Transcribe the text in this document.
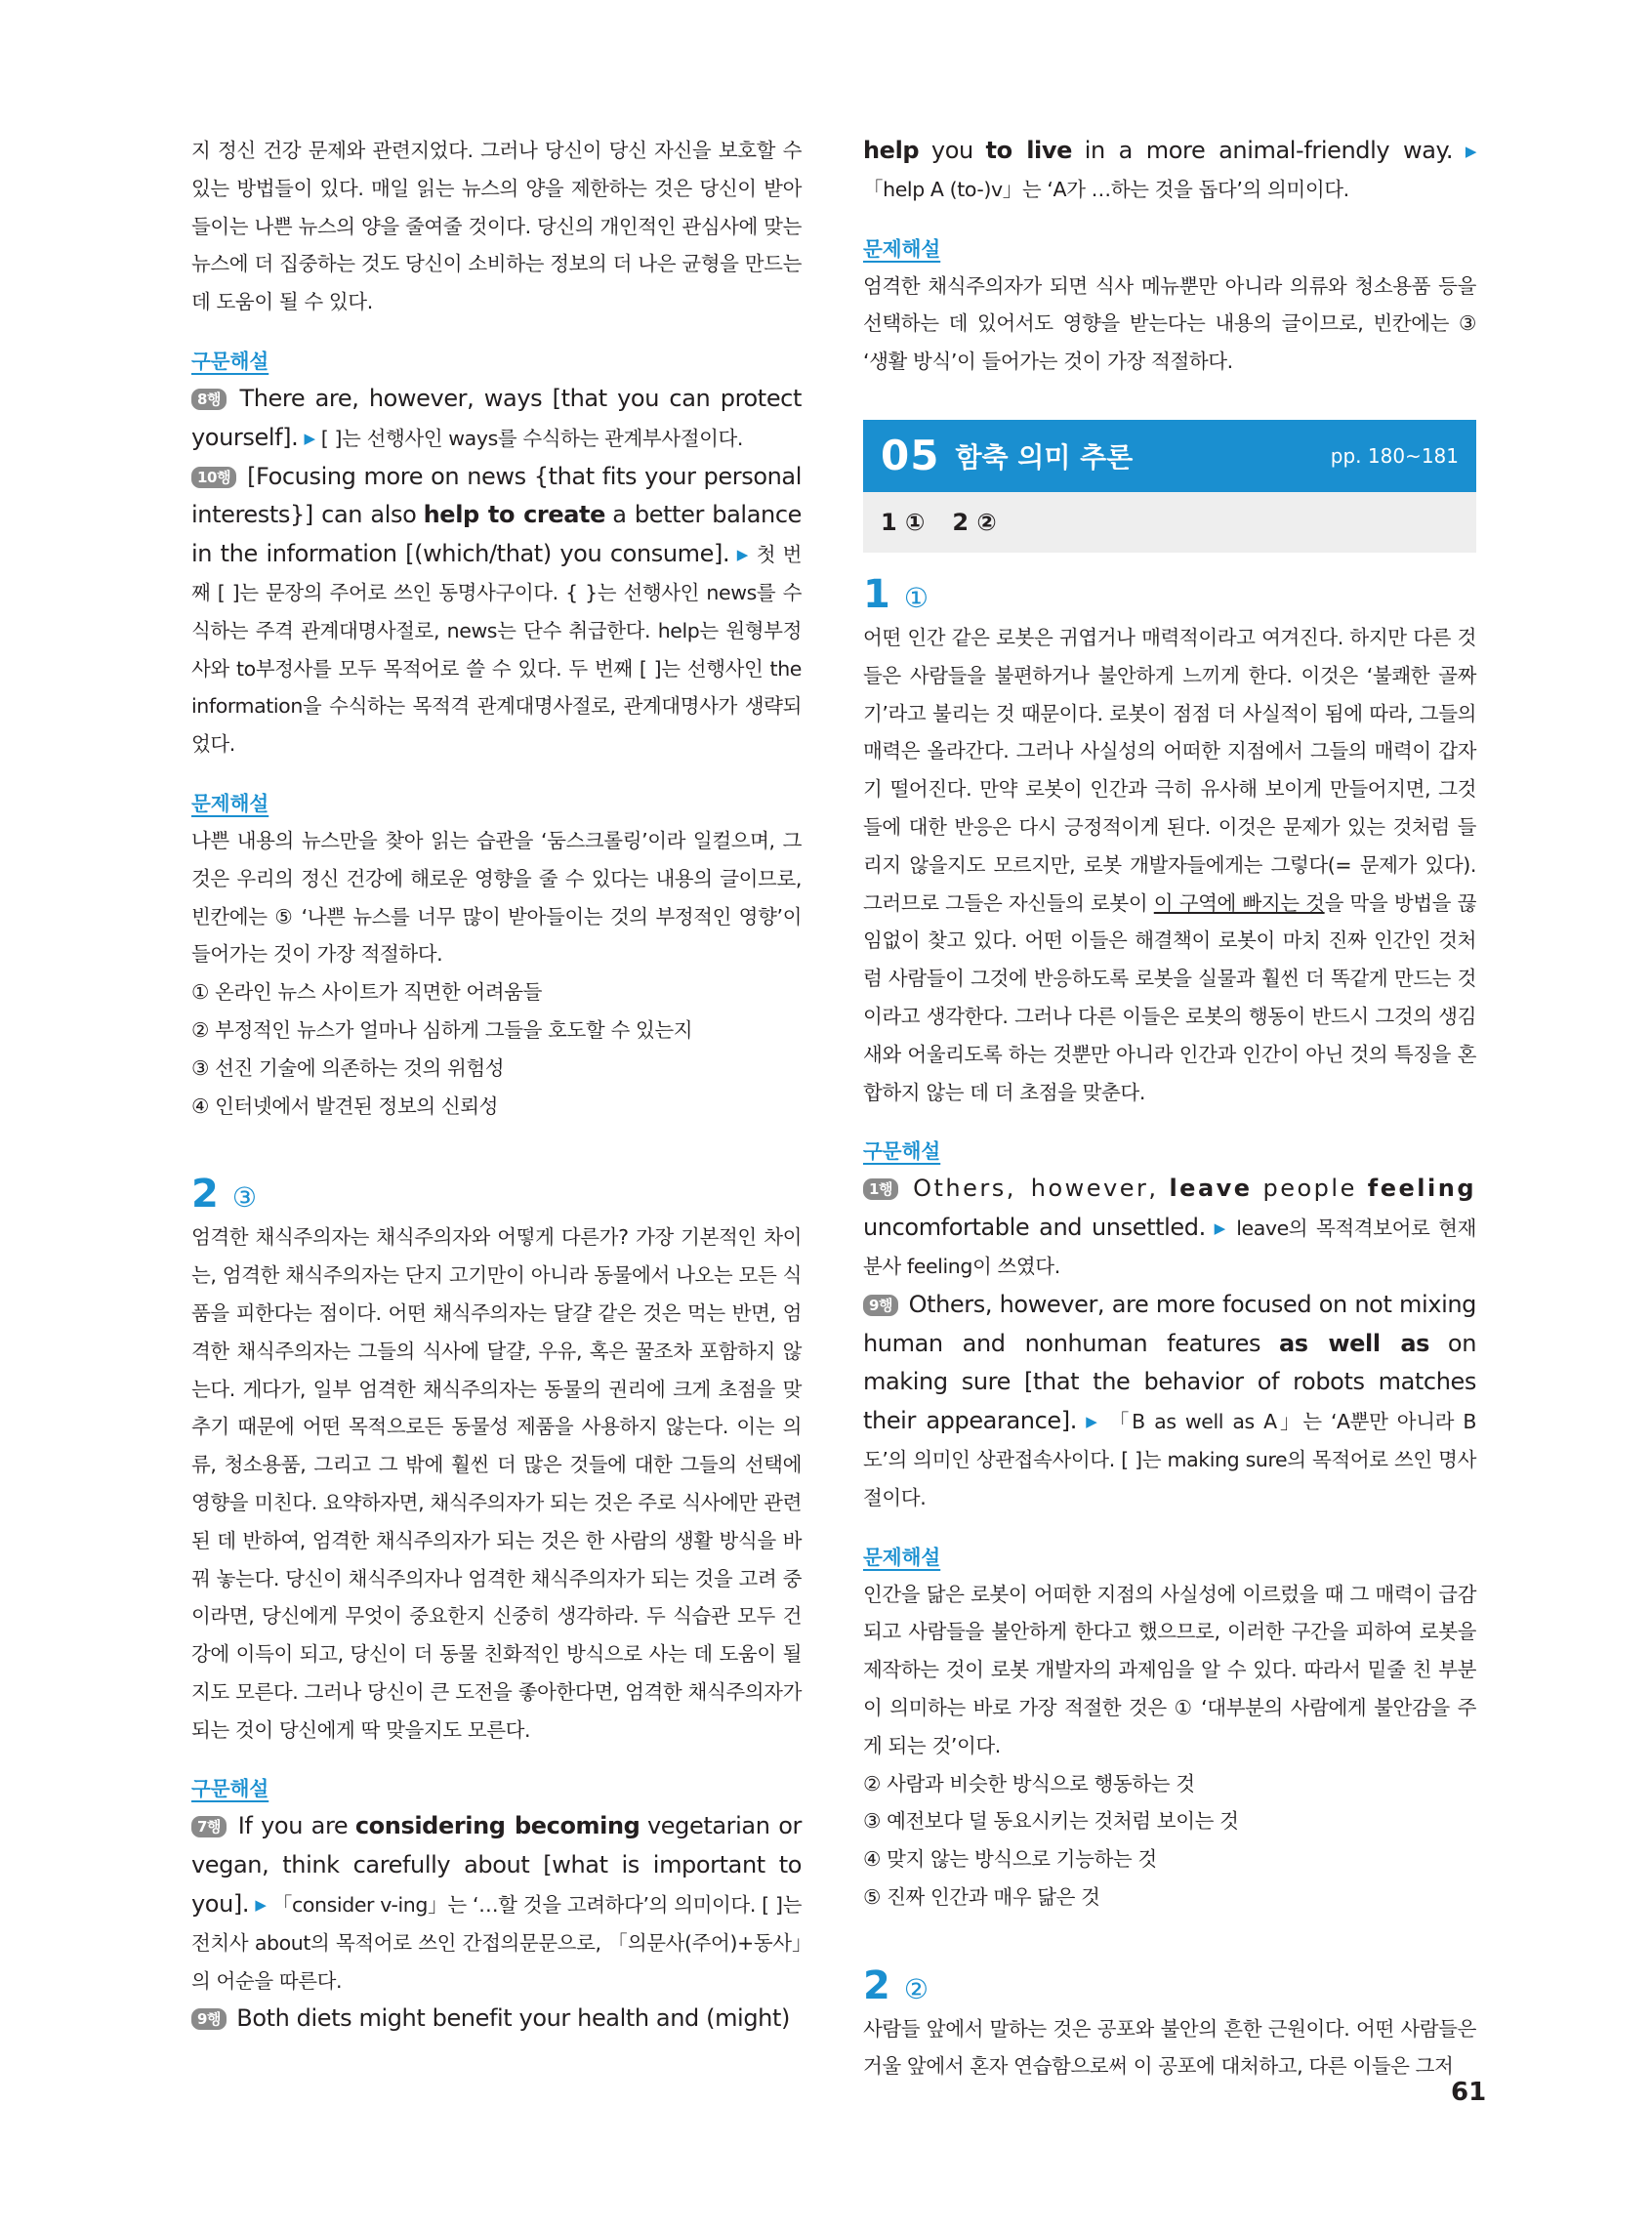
지 정신 건강 문제와 관련지었다. 그러나 당신이 당신 자신을 보호할 수 있는 방법들이 있다. 매일 읽는 뉴스의 양을 제한하는 것은 당신이 받아들이는 나쁜 뉴스의 양을 줄여줄 것이다. 당신의 개인적인 관심사에 맞는 뉴스에 더 집중하는 것도 당신이 소비하는 정보의 더 나은 균형을 만드는 데 도움이 될 수 있다.

구문해설

8행 There are, however, ways [that you can protect yourself]. ▶ [ ]는 선행사인 ways를 수식하는 관계부사절이다.

10행 [Focusing more on news {that fits your personal interests}] can also help to create a better balance in the information [(which/that) you consume]. ▶ 첫 번째 [ ]는 문장의 주어로 쓰인 동명사구이다. { }는 선행사인 news를 수식하는 주격 관계대명사절로, news는 단수 취급한다. help는 원형부정사와 to부정사를 모두 목적어로 쓸 수 있다. 두 번째 [ ]는 선행사인 the information을 수식하는 목적격 관계대명사절로, 관계대명사가 생략되었다.

문제해설

나쁜 내용의 뉴스만을 찾아 읽는 습관을 ‘둠스크롤링’이라 일컬으며, 그것은 우리의 정신 건강에 해로운 영향을 줄 수 있다는 내용의 글이므로, 빈칸에는 ⑤ ‘나쁜 뉴스를 너무 많이 받아들이는 것의 부정적인 영향’이 들어가는 것이 가장 적절하다.

① 온라인 뉴스 사이트가 직면한 어려움들
② 부정적인 뉴스가 얼마나 심하게 그들을 호도할 수 있는지
③ 선진 기술에 의존하는 것의 위험성
④ 인터넷에서 발견된 정보의 신뢰성
2 ③

엄격한 채식주의자는 채식주의자와 어떻게 다른가? 가장 기본적인 차이는, 엄격한 채식주의자는 단지 고기만이 아니라 동물에서 나오는 모든 식품을 피한다는 점이다. 어떤 채식주의자는 달걀 같은 것은 먹는 반면, 엄격한 채식주의자는 그들의 식사에 달걀, 우유, 혹은 꿀조차 포함하지 않는다. 게다가, 일부 엄격한 채식주의자는 동물의 권리에 크게 초점을 맞추기 때문에 어떤 목적으로든 동물성 제품을 사용하지 않는다. 이는 의류, 청소용품, 그리고 그 밖에 훨씬 더 많은 것들에 대한 그들의 선택에 영향을 미친다. 요약하자면, 채식주의자가 되는 것은 주로 식사에만 관련된 데 반하여, 엄격한 채식주의자가 되는 것은 한 사람의 생활 방식을 바꿔 놓는다. 당신이 채식주의자나 엄격한 채식주의자가 되는 것을 고려 중이라면, 당신에게 무엇이 중요한지 신중히 생각하라. 두 식습관 모두 건강에 이득이 되고, 당신이 더 동물 친화적인 방식으로 사는 데 도움이 될지도 모른다. 그러나 당신이 큰 도전을 좋아한다면, 엄격한 채식주의자가 되는 것이 당신에게 딱 맞을지도 모른다.

구문해설

7행 If you are considering becoming vegetarian or vegan, think carefully about [what is important to you]. ▶ 「consider v-ing」는 ‘…할 것을 고려하다’의 의미이다. [ ]는 전치사 about의 목적어로 쓰인 간접의문문으로, 「의문사(주어)+동사」의 어순을 따른다.

9행 Both diets might benefit your health and (might)

help you to live in a more animal-friendly way. ▶ 「help A (to-)v」는 ‘A가 …하는 것을 돕다’의 의미이다.

문제해설

엄격한 채식주의자가 되면 식사 메뉴뿐만 아니라 의류와 청소용품 등을 선택하는 데 있어서도 영향을 받는다는 내용의 글이므로, 빈칸에는 ③ ‘생활 방식’이 들어가는 것이 가장 적절하다.

05 함축 의미 추론	pp. 180~181
1 ① 2 ②
1 ①

어떤 인간 같은 로봇은 귀엽거나 매력적이라고 여겨진다. 하지만 다른 것들은 사람들을 불편하거나 불안하게 느끼게 한다. 이것은 ‘불쾌한 골짜기’라고 불리는 것 때문이다. 로봇이 점점 더 사실적이 됨에 따라, 그들의 매력은 올라간다. 그러나 사실성의 어떠한 지점에서 그들의 매력이 갑자기 떨어진다. 만약 로봇이 인간과 극히 유사해 보이게 만들어지면, 그것들에 대한 반응은 다시 긍정적이게 된다. 이것은 문제가 있는 것처럼 들리지 않을지도 모르지만, 로봇 개발자들에게는 그렇다(= 문제가 있다). 그러므로 그들은 자신들의 로봇이 이 구역에 빠지는 것을 막을 방법을 끊임없이 찾고 있다. 어떤 이들은 해결책이 로봇이 마치 진짜 인간인 것처럼 사람들이 그것에 반응하도록 로봇을 실물과 훨씬 더 똑같게 만드는 것이라고 생각한다. 그러나 다른 이들은 로봇의 행동이 반드시 그것의 생김새와 어울리도록 하는 것뿐만 아니라 인간과 인간이 아닌 것의 특징을 혼합하지 않는 데 더 초점을 맞춘다.

구문해설

1행 Others, however, leave people feeling uncomfortable and unsettled. ▶ leave의 목적격보어로 현재분사 feeling이 쓰였다.

9행 Others, however, are more focused on not mixing human and nonhuman features as well as on making sure [that the behavior of robots matches their appearance]. ▶ 「B as well as A」는 ‘A뿐만 아니라 B도’의 의미인 상관접속사이다. [ ]는 making sure의 목적어로 쓰인 명사절이다.

문제해설

인간을 닮은 로봇이 어떠한 지점의 사실성에 이르렀을 때 그 매력이 급감되고 사람들을 불안하게 한다고 했으므로, 이러한 구간을 피하여 로봇을 제작하는 것이 로봇 개발자의 과제임을 알 수 있다. 따라서 밑줄 친 부분이 의미하는 바로 가장 적절한 것은 ① ‘대부분의 사람에게 불안감을 주게 되는 것’이다.

② 사람과 비슷한 방식으로 행동하는 것
③ 예전보다 덜 동요시키는 것처럼 보이는 것
④ 맞지 않는 방식으로 기능하는 것
⑤ 진짜 인간과 매우 닮은 것
2 ②

사람들 앞에서 말하는 것은 공포와 불안의 흔한 근원이다. 어떤 사람들은 거울 앞에서 혼자 연습함으로써 이 공포에 대처하고, 다른 이들은 그저

61
